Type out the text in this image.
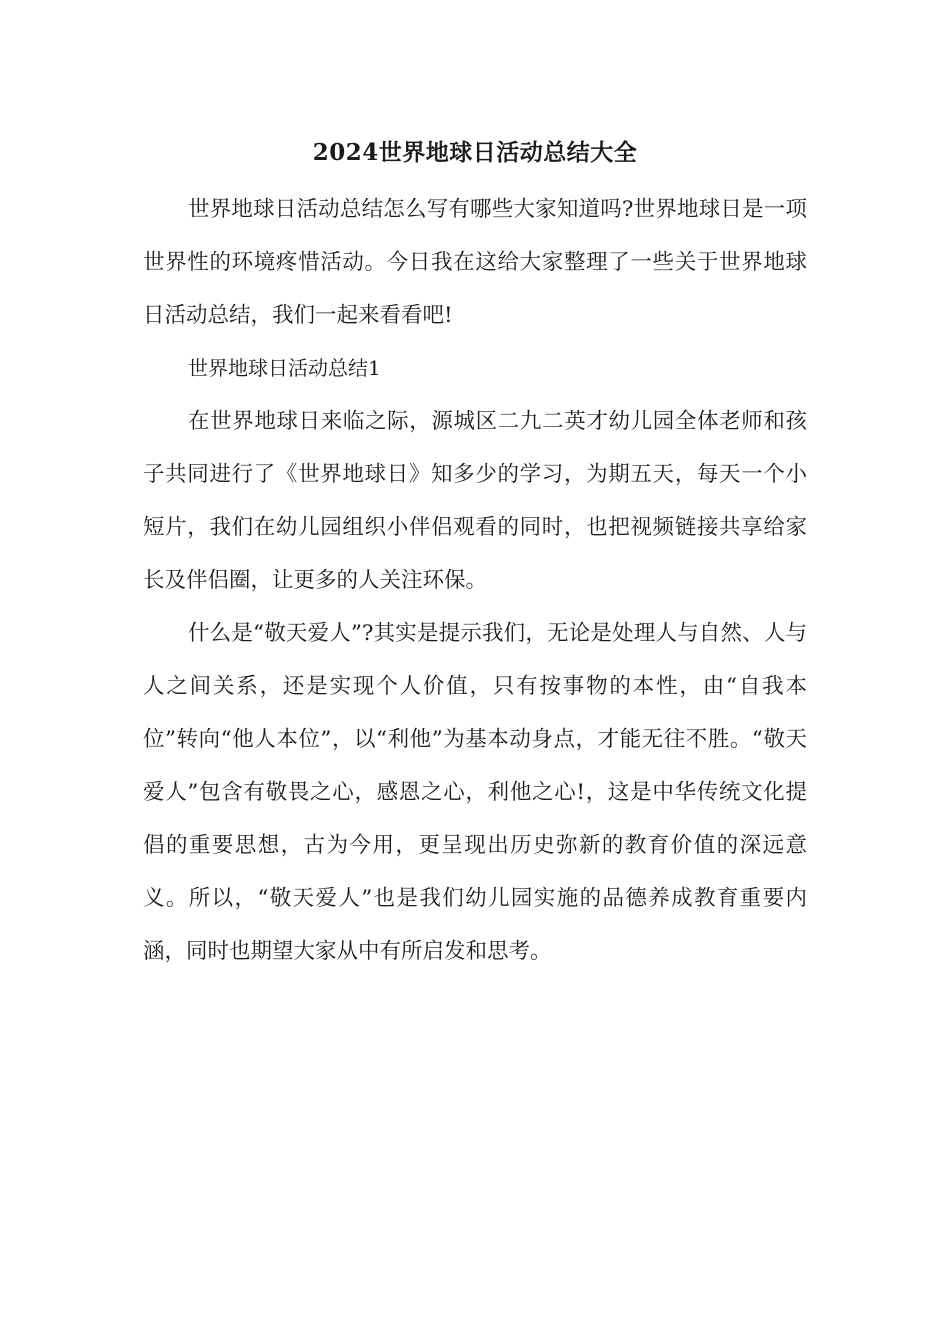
2024世界地球日活动总结大全

世界地球日活动总结怎么写有哪些大家知道吗?世界地球日是一项世界性的环境疼惜活动。今日我在这给大家整理了一些关于世界地球日活动总结，我们一起来看看吧!

世界地球日活动总结1

在世界地球日来临之际，源城区二九二英才幼儿园全体老师和孩子共同进行了《世界地球日》知多少的学习，为期五天，每天一个小短片，我们在幼儿园组织小伴侣观看的同时，也把视频链接共享给家长及伴侣圈，让更多的人关注环保。

什么是“敬天爱人”?其实是提示我们，无论是处理人与自然、人与人之间关系，还是实现个人价值，只有按事物的本性，由“自我本位”转向“他人本位”，以“利他”为基本动身点，才能无往不胜。“敬天爱人”包含有敬畏之心，感恩之心，利他之心!，这是中华传统文化提倡的重要思想，古为今用，更呈现出历史弥新的教育价值的深远意义。所以，“敬天爱人”也是我们幼儿园实施的品德养成教育重要内涵，同时也期望大家从中有所启发和思考。
